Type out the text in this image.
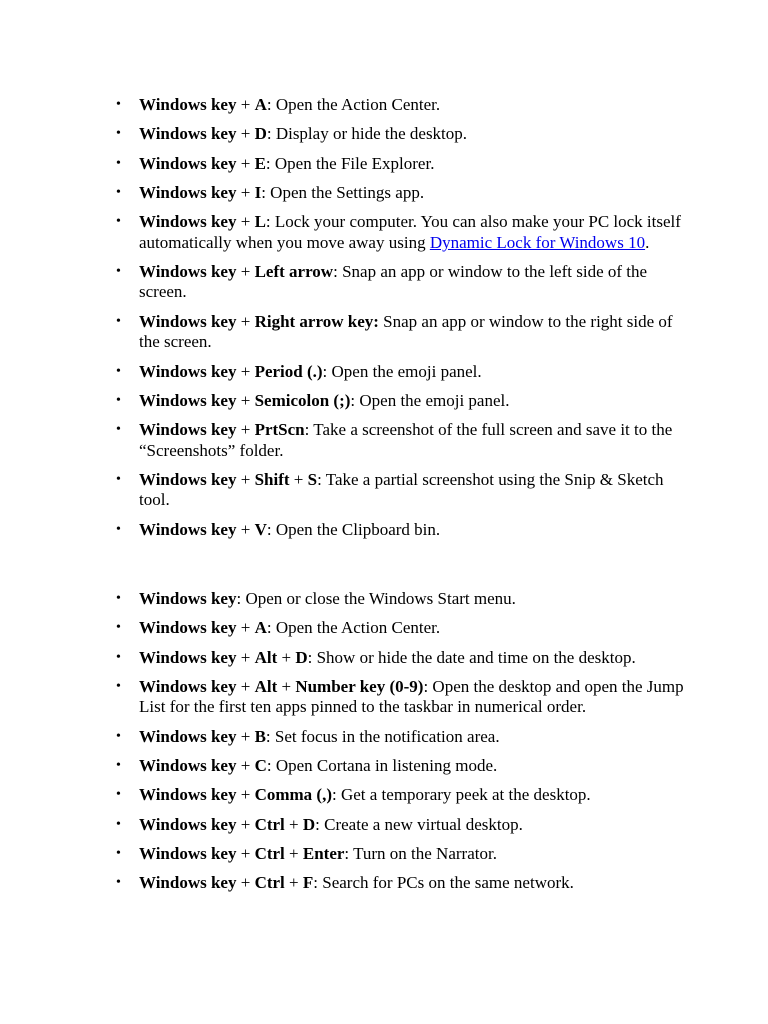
• Windows key + A: Open the Action Center.
• Windows key + D: Display or hide the desktop.
• Windows key + E: Open the File Explorer.
• Windows key + I: Open the Settings app.
• Windows key + L: Lock your computer. You can also make your PC lock itself automatically when you move away using Dynamic Lock for Windows 10.
• Windows key + Left arrow: Snap an app or window to the left side of the screen.
• Windows key + Right arrow key: Snap an app or window to the right side of the screen.
• Windows key + Period (.): Open the emoji panel.
• Windows key + Semicolon (;): Open the emoji panel.
• Windows key + PrtScn: Take a screenshot of the full screen and save it to the “Screenshots” folder.
• Windows key + Shift + S: Take a partial screenshot using the Snip & Sketch tool.
• Windows key + V: Open the Clipboard bin.
• Windows key: Open or close the Windows Start menu.
• Windows key + A: Open the Action Center.
• Windows key + Alt + D: Show or hide the date and time on the desktop.
• Windows key + Alt + Number key (0-9): Open the desktop and open the Jump List for the first ten apps pinned to the taskbar in numerical order.
• Windows key + B: Set focus in the notification area.
• Windows key + C: Open Cortana in listening mode.
• Windows key + Comma (,): Get a temporary peek at the desktop.
• Windows key + Ctrl + D: Create a new virtual desktop.
• Windows key + Ctrl + Enter: Turn on the Narrator.
• Windows key + Ctrl + F: Search for PCs on the same network.
